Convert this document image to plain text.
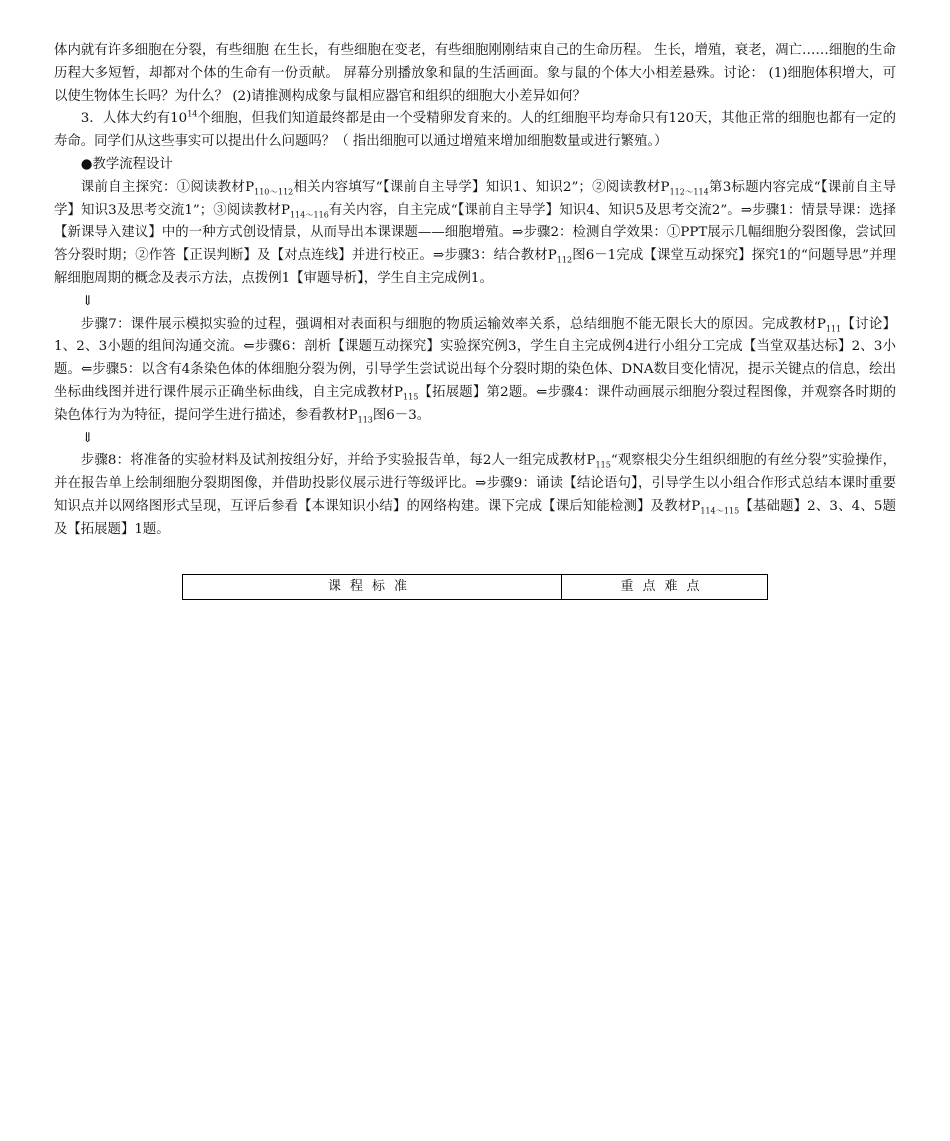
体内就有许多细胞在分裂，有些细胞 在生长，有些细胞在变老，有些细胞刚刚结束自己的生命历程。 生长，增殖，衰老，凋亡……细胞的生命历程大多短暂，却都对个体的生命有一份贡献。 屏幕分别播放象和鼠的生活画面。象与鼠的个体大小相差悬殊。讨论： (1)细胞体积增大，可以使生物体生长吗？为什么？ (2)请推测构成象与鼠相应器官和组织的细胞大小差异如何？

3．人体大约有$10^{14}$个细胞，但我们知道最终都是由一个受精卵发育来的。人的红细胞平均寿命只有120天，其他正常的细胞也都有一定的寿命。同学们从这些事实可以提出什么问题吗？（ 指出细胞可以通过增殖来增加细胞数量或进行繁殖。）

●教学流程设计

课前自主探究：①阅读教材$P_{110\sim 112}$相关内容填写“【课前自主导学】知识1、知识2”；②阅读教材$P_{112\sim 114}$第3标题内容完成“【课前自主导学】知识3及思考交流1”；③阅读教材$P_{114\sim 116}$有关内容，自主完成“【课前自主导学】知识4、知识5及思考交流2”。⇒步骤1：情景导课：选择【新课导入建议】中的一种方式创设情景，从而导出本课课题——细胞增殖。⇒步骤2：检测自学效果：①PPT展示几幅细胞分裂图像，尝试回答分裂时期；②作答【正误判断】及【对点连线】并进行校正。⇒步骤3：结合教材$P_{112}$图6－1完成【课堂互动探究】探究1的“问题导思”并理解细胞周期的概念及表示方法，点拨例1【审题导析】，学生自主完成例1。

⇓

步骤7：课件展示模拟实验的过程，强调相对表面积与细胞的物质运输效率关系，总结细胞不能无限长大的原因。完成教材$P_{111}$【讨论】1、2、3小题的组间沟通交流。⇐步骤6：剖析【课题互动探究】实验探究例3，学生自主完成例4进行小组分工完成【当堂双基达标】2、3小题。⇐步骤5：以含有4条染色体的体细胞分裂为例，引导学生尝试说出每个分裂时期的染色体、DNA数目变化情况，提示关键点的信息，绘出坐标曲线图并进行课件展示正确坐标曲线，自主完成教材$P_{115}$【拓展题】第2题。⇐步骤4：课件动画展示细胞分裂过程图像，并观察各时期的染色体行为为特征，提问学生进行描述，参看教材$P_{113}$图6－3。

⇓

步骤8：将准备的实验材料及试剂按组分好，并给予实验报告单，每2人一组完成教材$P_{115}“$观察根尖分生组织细胞的有丝分裂”实验操作，并在报告单上绘制细胞分裂期图像，并借助投影仪展示进行等级评比。⇒步骤9：诵读【结论语句】，引导学生以小组合作形式总结本课时重要知识点并以网络图形式呈现，互评后参看【本课知识小结】的网络构建。课下完成【课后知能检测】及教材$P_{114\sim 115}$【基础题】2、3、4、5题及【拓展题】1题。

课程标准	重点难点
